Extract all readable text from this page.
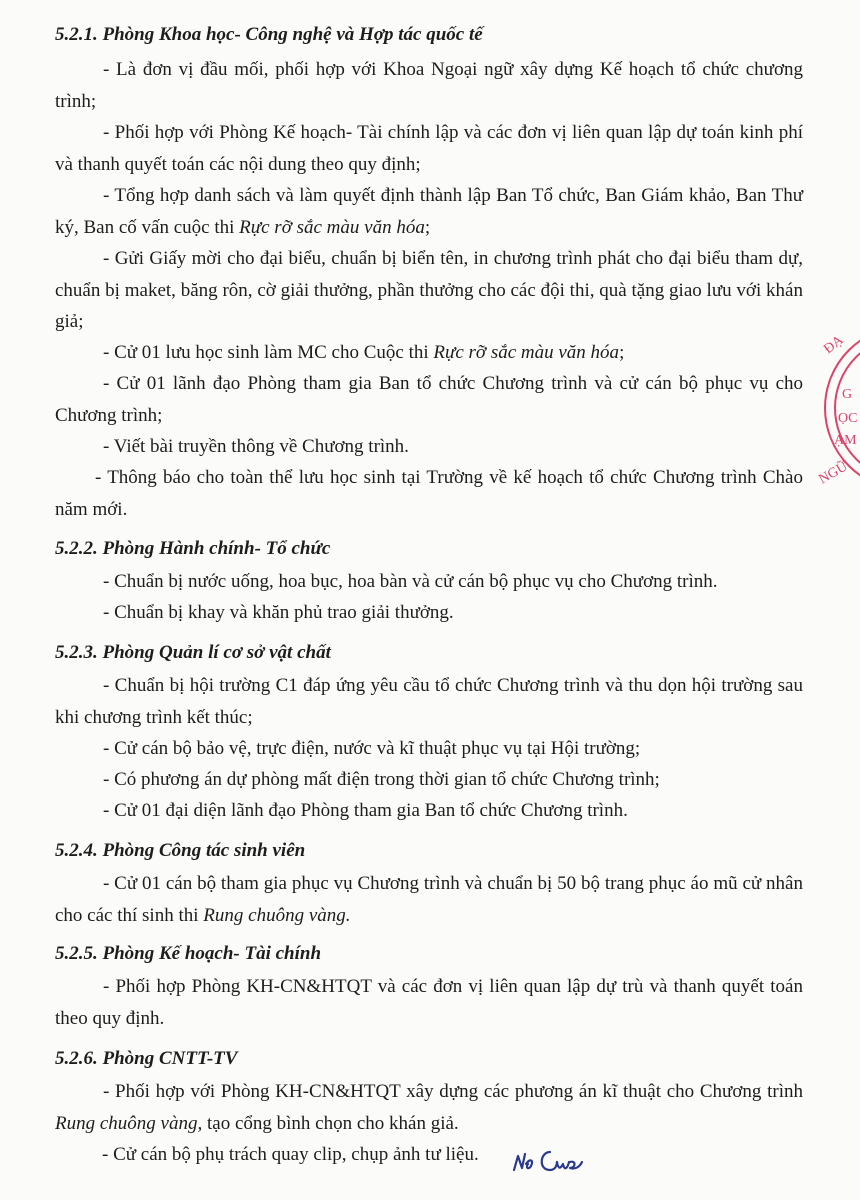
5.2.1. Phòng Khoa học- Công nghệ và Hợp tác quốc tế
- Là đơn vị đầu mối, phối hợp với Khoa Ngoại ngữ xây dựng Kế hoạch tổ chức chương trình;
- Phối hợp với Phòng Kế hoạch- Tài chính lập và các đơn vị liên quan lập dự toán kinh phí và thanh quyết toán các nội dung theo quy định;
- Tổng hợp danh sách và làm quyết định thành lập Ban Tổ chức, Ban Giám khảo, Ban Thư ký, Ban cố vấn cuộc thi Rực rỡ sắc màu văn hóa;
- Gửi Giấy mời cho đại biểu, chuẩn bị biển tên, in chương trình phát cho đại biểu tham dự, chuẩn bị maket, băng rôn, cờ giải thưởng, phần thưởng cho các đội thi, quà tặng giao lưu với khán giả;
- Cử 01 lưu học sinh làm MC cho Cuộc thi Rực rỡ sắc màu văn hóa;
- Cử 01 lãnh đạo Phòng tham gia Ban tổ chức Chương trình và cử cán bộ phục vụ cho Chương trình;
- Viết bài truyền thông về Chương trình.
- Thông báo cho toàn thể lưu học sinh tại Trường về kế hoạch tổ chức Chương trình Chào năm mới.
5.2.2. Phòng Hành chính- Tổ chức
- Chuẩn bị nước uống, hoa bục, hoa bàn và cử cán bộ phục vụ cho Chương trình.
- Chuẩn bị khay và khăn phủ trao giải thưởng.
5.2.3. Phòng Quản lí cơ sở vật chất
- Chuẩn bị hội trường C1 đáp ứng yêu cầu tổ chức Chương trình và thu dọn hội trường sau khi chương trình kết thúc;
- Cử cán bộ bảo vệ, trực điện, nước và kĩ thuật phục vụ tại Hội trường;
- Có phương án dự phòng mất điện trong thời gian tổ chức Chương trình;
- Cử 01 đại diện lãnh đạo Phòng tham gia Ban tổ chức Chương trình.
5.2.4. Phòng Công tác sinh viên
- Cử 01 cán bộ tham gia phục vụ Chương trình và chuẩn bị 50 bộ trang phục áo mũ cử nhân cho các thí sinh thi Rung chuông vàng.
5.2.5. Phòng Kế hoạch- Tài chính
- Phối hợp Phòng KH-CN&HTQT và các đơn vị liên quan lập dự trù và thanh quyết toán theo quy định.
5.2.6. Phòng CNTT-TV
- Phối hợp với Phòng KH-CN&HTQT xây dựng các phương án kĩ thuật cho Chương trình Rung chuông vàng, tạo cổng bình chọn cho khán giả.
- Cử cán bộ phụ trách quay clip, chụp ảnh tư liệu.
ĐẠ
G
ỌC
ẠM
NGỮ
